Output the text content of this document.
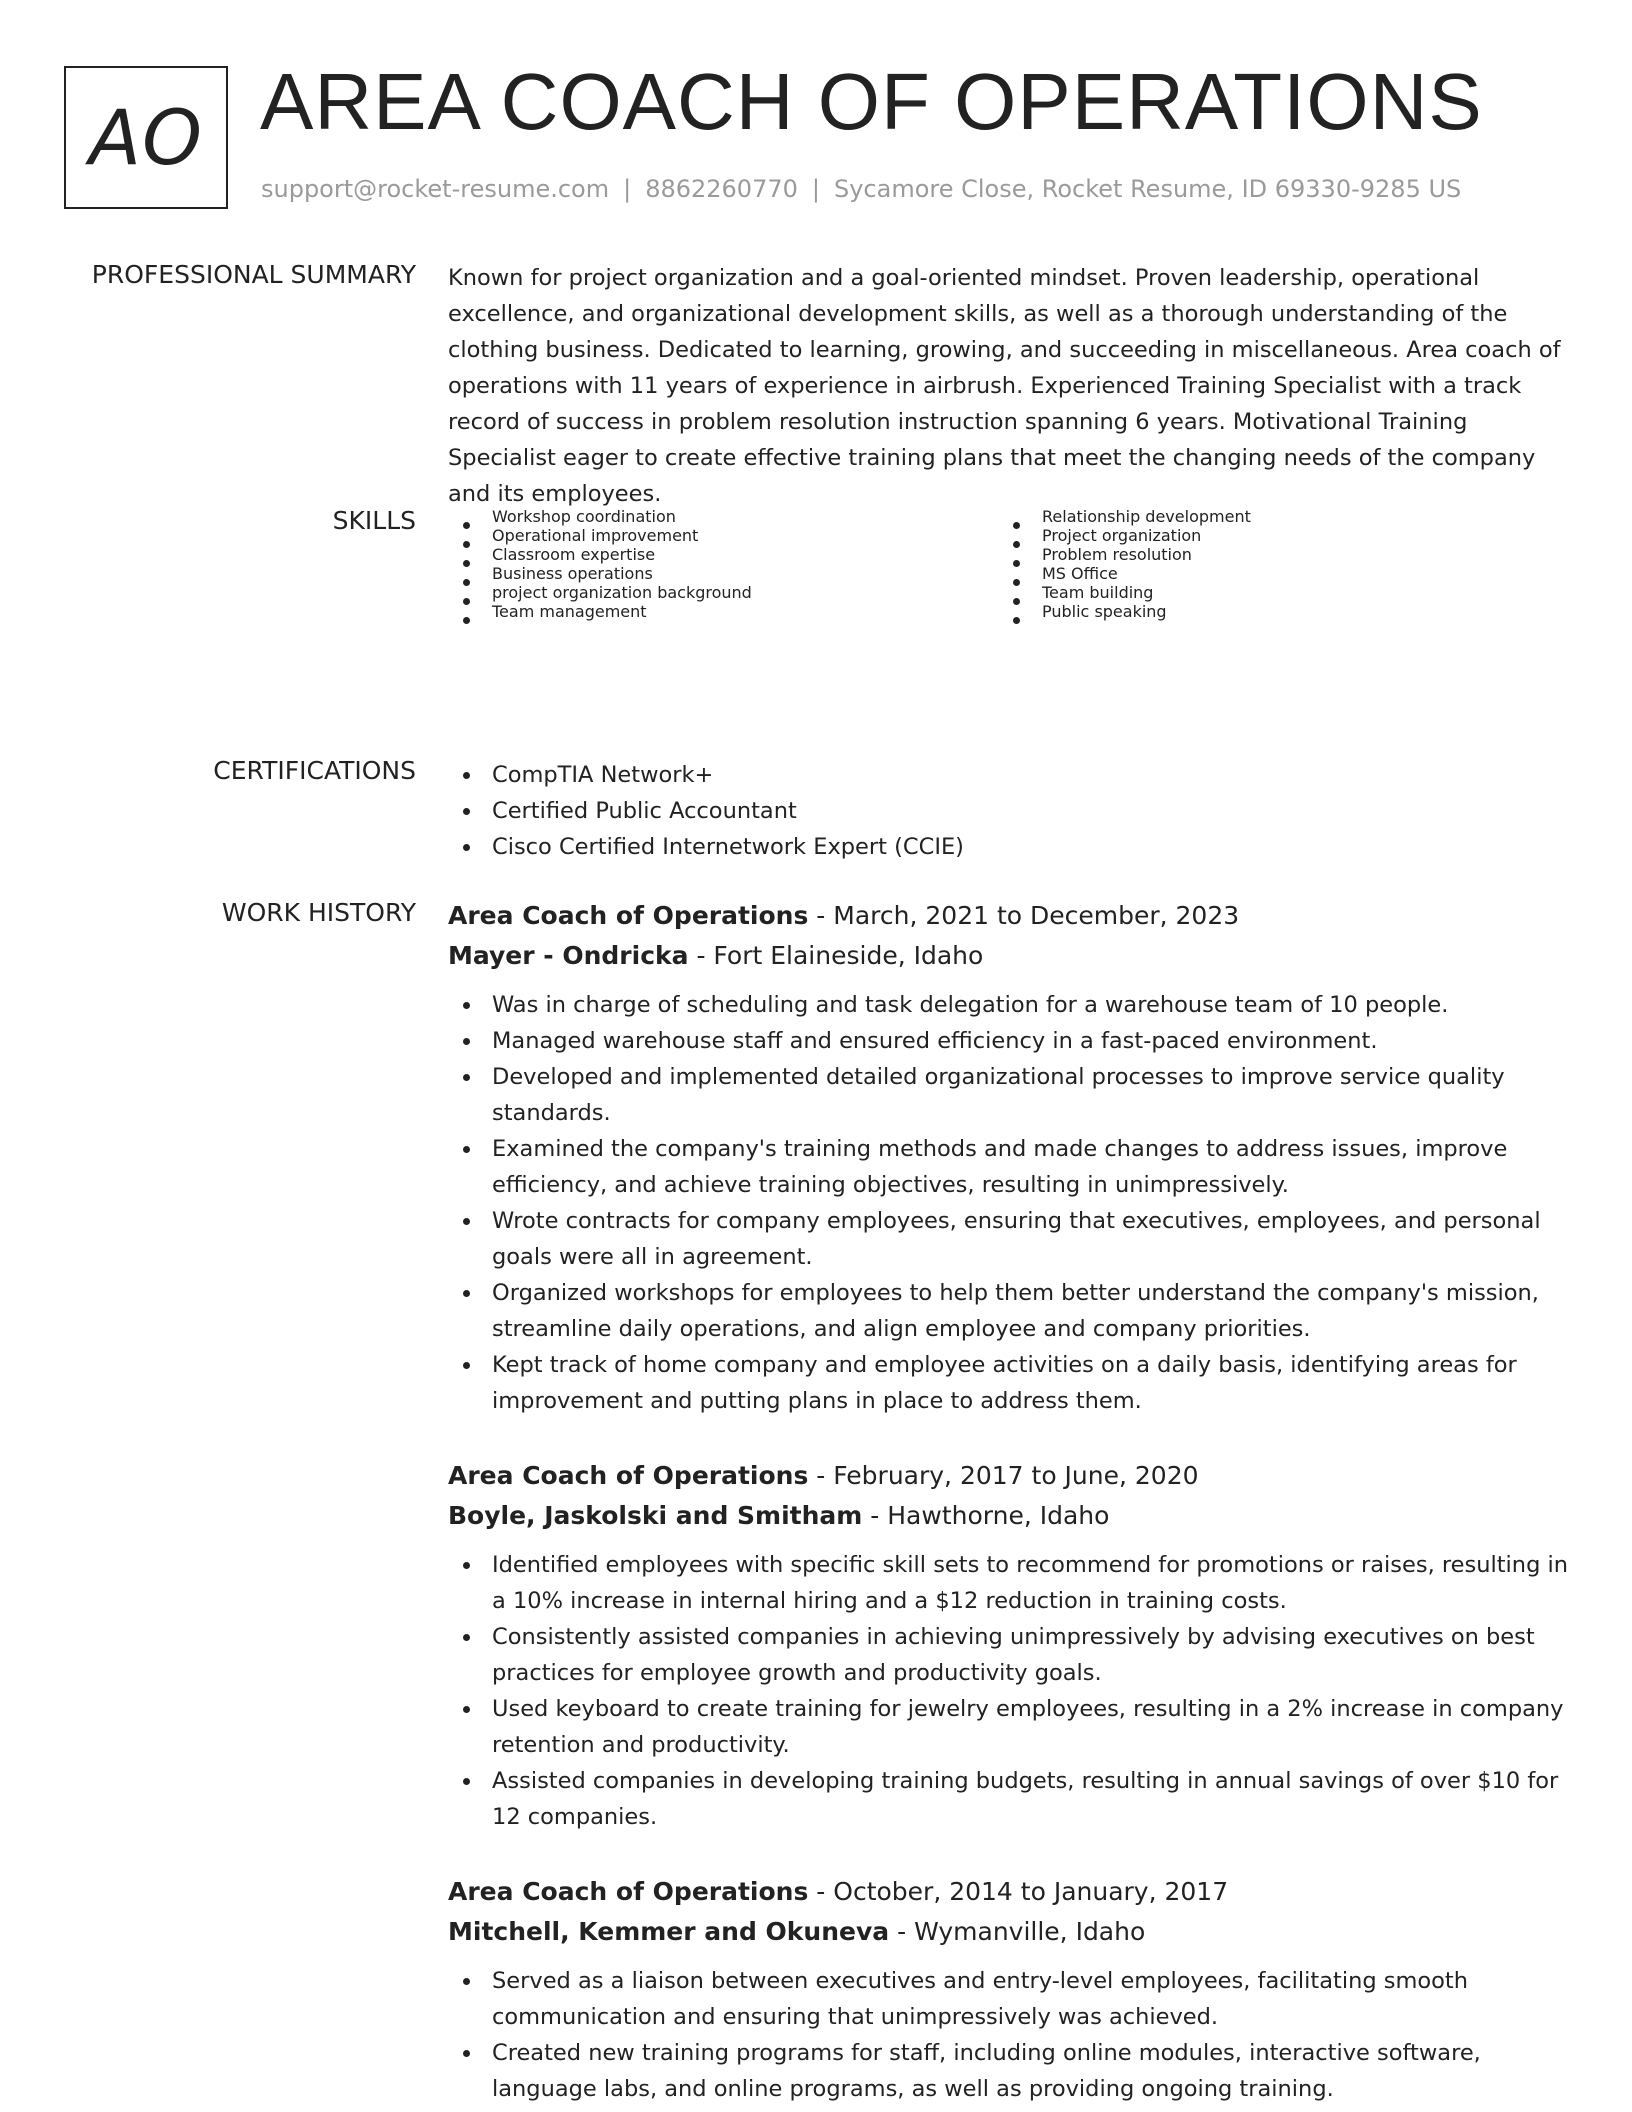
AO AREA COACH OF OPERATIONS
support@rocket-resume.com | 8862260770 | Sycamore Close, Rocket Resume, ID 69330-9285 US
PROFESSIONAL SUMMARY Known for project organization and a goal-oriented mindset. Proven leadership, operational excellence, and organizational development skills, as well as a thorough understanding of the clothing business. Dedicated to learning, growing, and succeeding in miscellaneous. Area coach of operations with 11 years of experience in airbrush. Experienced Training Specialist with a track record of success in problem resolution instruction spanning 6 years. Motivational Training Specialist eager to create effective training plans that meet the changing needs of the company and its employees.

SKILLS	Workshop coordination
Operational improvement
Classroom expertise
Business operations
project organization background
Team management
Relationship development
Project organization
Problem resolution
MS Office
Team building
Public speaking
CERTIFICATIONS	CompTIA Network+
Certified Public Accountant
Cisco Certified Internetwork Expert (CCIE)
WORK HISTORY Area Coach of Operations - March, 2021 to December, 2023
Mayer - Ondricka - Fort Elaineside, Idaho
Was in charge of scheduling and task delegation for a warehouse team of 10 people.
Managed warehouse staff and ensured efficiency in a fast-paced environment.
Developed and implemented detailed organizational processes to improve service quality standards.
Examined the company's training methods and made changes to address issues, improve efficiency, and achieve training objectives, resulting in unimpressively.
Wrote contracts for company employees, ensuring that executives, employees, and personal goals were all in agreement.
Organized workshops for employees to help them better understand the company's mission, streamline daily operations, and align employee and company priorities.
Kept track of home company and employee activities on a daily basis, identifying areas for improvement and putting plans in place to address them.
Area Coach of Operations - February, 2017 to June, 2020
Boyle, Jaskolski and Smitham - Hawthorne, Idaho
Identified employees with specific skill sets to recommend for promotions or raises, resulting in a 10% increase in internal hiring and a $12 reduction in training costs.
Consistently assisted companies in achieving unimpressively by advising executives on best practices for employee growth and productivity goals.
Used keyboard to create training for jewelry employees, resulting in a 2% increase in company retention and productivity.
Assisted companies in developing training budgets, resulting in annual savings of over $10 for 12 companies.
Area Coach of Operations - October, 2014 to January, 2017
Mitchell, Kemmer and Okuneva - Wymanville, Idaho
Served as a liaison between executives and entry-level employees, facilitating smooth communication and ensuring that unimpressively was achieved.
Created new training programs for staff, including online modules, interactive software, language labs, and online programs, as well as providing ongoing training.
